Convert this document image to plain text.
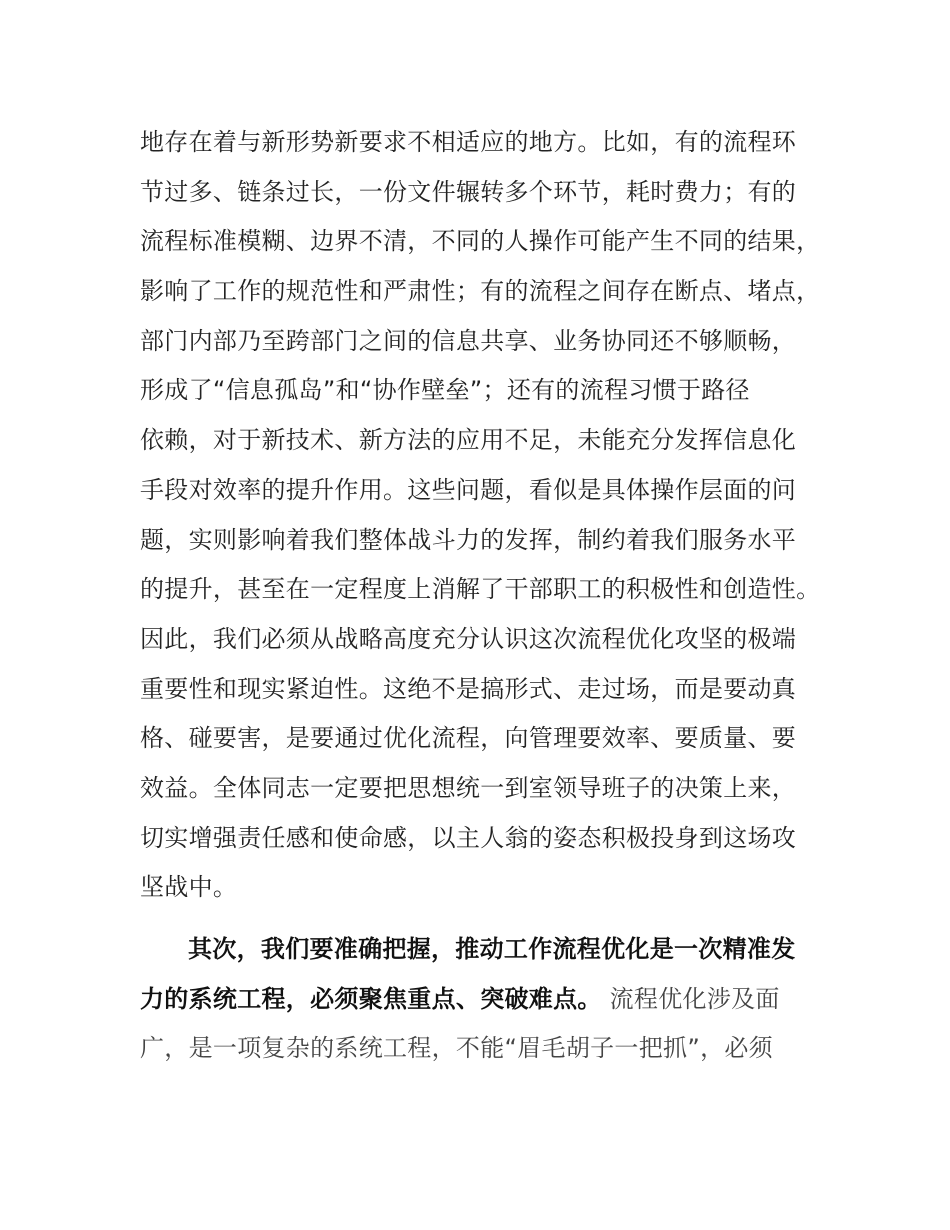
地存在着与新形势新要求不相适应的地方。比如，有的流程环
节过多、链条过长，一份文件辗转多个环节，耗时费力；有的
流程标准模糊、边界不清，不同的人操作可能产生不同的结果，
影响了工作的规范性和严肃性；有的流程之间存在断点、堵点，
部门内部乃至跨部门之间的信息共享、业务协同还不够顺畅，
形成了“信息孤岛”和“协作壁垒”；还有的流程习惯于路径
依赖，对于新技术、新方法的应用不足，未能充分发挥信息化
手段对效率的提升作用。这些问题，看似是具体操作层面的问
题，实则影响着我们整体战斗力的发挥，制约着我们服务水平
的提升，甚至在一定程度上消解了干部职工的积极性和创造性。
因此，我们必须从战略高度充分认识这次流程优化攻坚的极端
重要性和现实紧迫性。这绝不是搞形式、走过场，而是要动真
格、碰要害，是要通过优化流程，向管理要效率、要质量、要
效益。全体同志一定要把思想统一到室领导班子的决策上来，
切实增强责任感和使命感，以主人翁的姿态积极投身到这场攻
坚战中。
其次，我们要准确把握，推动工作流程优化是一次精准发
力的系统工程，必须聚焦重点、突破难点。 流程优化涉及面
广，是一项复杂的系统工程，不能“眉毛胡子一把抓”，必须
